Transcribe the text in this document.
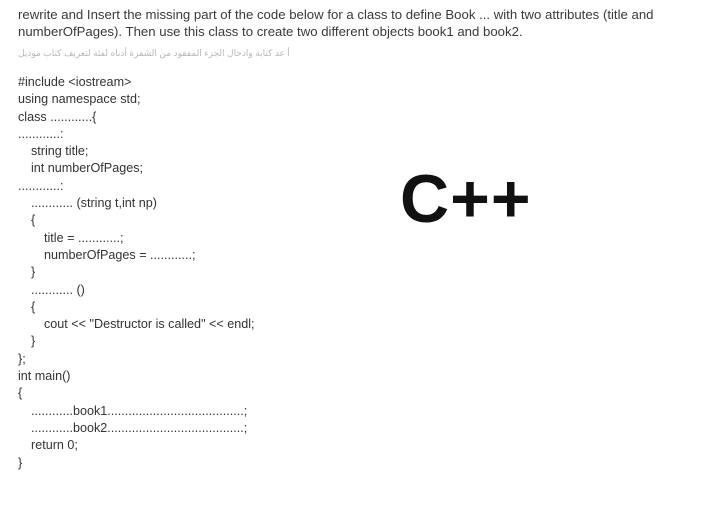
rewrite and Insert the missing part of the code below for a class to define Book ... with two attributes (title and numberOfPages). Then use this class to create two different objects book1 and book2.
أ عد كتابة وادخال الجزء المفقود من الشفرة أدناه لفئة لتعريف كتاب موديل
#include <iostream>
using namespace std;
class ............{
............:
string title;
int numberOfPages;
............:
............ (string t,int np)
{
title = ............;
numberOfPages = ............;
}
............ ()
{
cout << "Destructor is called" << endl;
}
};
int main()
{
............book1.......................................;
............book2.......................................;
return 0;
}
C++
